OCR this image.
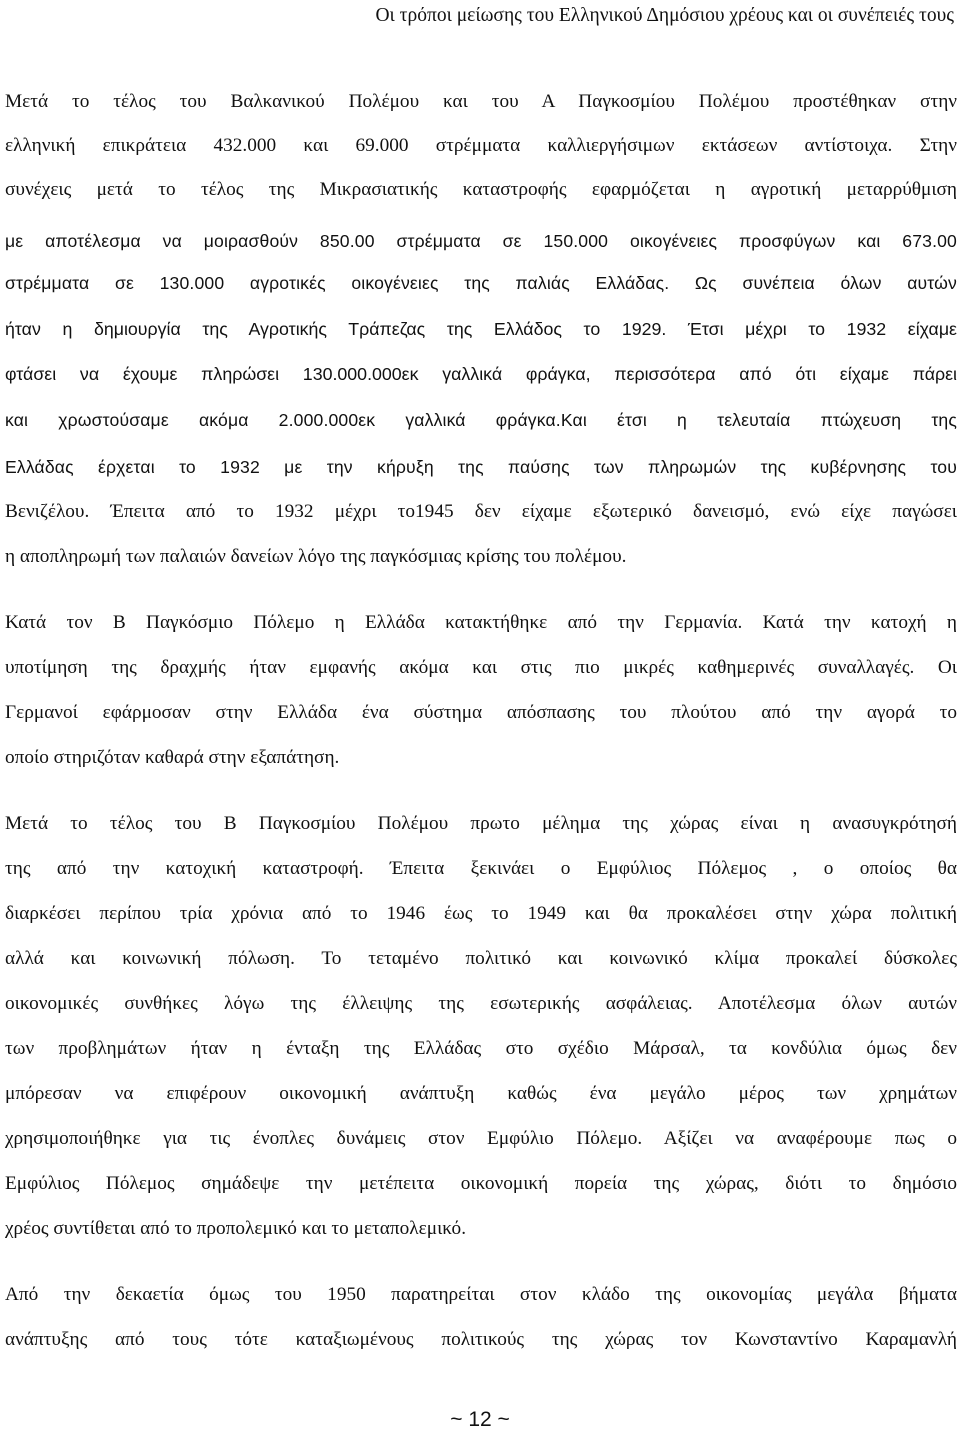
Οι τρόποι μείωσης του Ελληνικού Δημόσιου χρέους και οι συνέπειές τους
Μετά το τέλος του Βαλκανικού Πολέμου και του Α Παγκοσμίου Πολέμου προστέθηκαν στην
ελληνική επικράτεια 432.000 και 69.000 στρέμματα καλλιεργήσιμων εκτάσεων αντίστοιχα. Στην
συνέχεις μετά το τέλος της Μικρασιατικής καταστροφής εφαρμόζεται η αγροτική μεταρρύθμιση
με αποτέλεσμα να μοιρασθούν 850.00 στρέμματα σε 150.000 οικογένειες προσφύγων και 673.00
στρέμματα σε 130.000 αγροτικές οικογένειες της παλιάς Ελλάδας. Ως συνέπεια όλων αυτών
ήταν η δημιουργία της Αγροτικής Τράπεζας της Ελλάδος το 1929. Έτσι μέχρι το 1932 είχαμε
φτάσει να έχουμε πληρώσει 130.000.000εκ γαλλικά φράγκα, περισσότερα από ότι είχαμε πάρει
και χρωστούσαμε ακόμα 2.000.000εκ γαλλικά φράγκα.Και έτσι η τελευταία πτώχευση της
Ελλάδας έρχεται το 1932 με την κήρυξη της παύσης των πληρωμών της κυβέρνησης του
Βενιζέλου. Έπειτα από το 1932 μέχρι το1945 δεν είχαμε εξωτερικό δανεισμό, ενώ είχε παγώσει
η αποπληρωμή των παλαιών δανείων λόγο της παγκόσμιας κρίσης του πολέμου.
Κατά τον Β Παγκόσμιο Πόλεμο η Ελλάδα κατακτήθηκε από την Γερμανία. Κατά την κατοχή η
υποτίμηση της δραχμής ήταν εμφανής ακόμα και στις πιο μικρές καθημερινές συναλλαγές. Οι
Γερμανοί εφάρμοσαν στην Ελλάδα ένα σύστημα απόσπασης του πλούτου από την αγορά το
οποίο στηριζόταν καθαρά στην εξαπάτηση.
Μετά το τέλος του Β Παγκοσμίου Πολέμου πρωτο μέλημα της χώρας είναι η ανασυγκρότησή
της από την κατοχική καταστροφή. Έπειτα ξεκινάει ο Εμφύλιος Πόλεμος , ο οποίος θα
διαρκέσει περίπου τρία χρόνια από το 1946 έως το 1949 και θα προκαλέσει στην χώρα πολιτική
αλλά και κοινωνική πόλωση. Το τεταμένο πολιτικό και κοινωνικό κλίμα προκαλεί δύσκολες
οικονομικές συνθήκες λόγω της έλλειψης της εσωτερικής ασφάλειας. Αποτέλεσμα όλων αυτών
των προβλημάτων ήταν η ένταξη της Ελλάδας στο σχέδιο Μάρσαλ, τα κονδύλια όμως δεν
μπόρεσαν να επιφέρουν οικονομική ανάπτυξη καθώς ένα μεγάλο μέρος των χρημάτων
χρησιμοποιήθηκε για τις ένοπλες δυνάμεις στον Εμφύλιο Πόλεμο. Αξίζει να αναφέρουμε πως ο
Εμφύλιος Πόλεμος σημάδεψε την μετέπειτα οικονομική πορεία της χώρας, διότι το δημόσιο
χρέος συντίθεται από το προπολεμικό και το μεταπολεμικό.
Από την δεκαετία όμως του 1950 παρατηρείται στον κλάδο της οικονομίας μεγάλα βήματα
ανάπτυξης από τους τότε καταξιωμένους πολιτικούς της χώρας τον Κωνσταντίνο Καραμανλή
~ 12 ~
